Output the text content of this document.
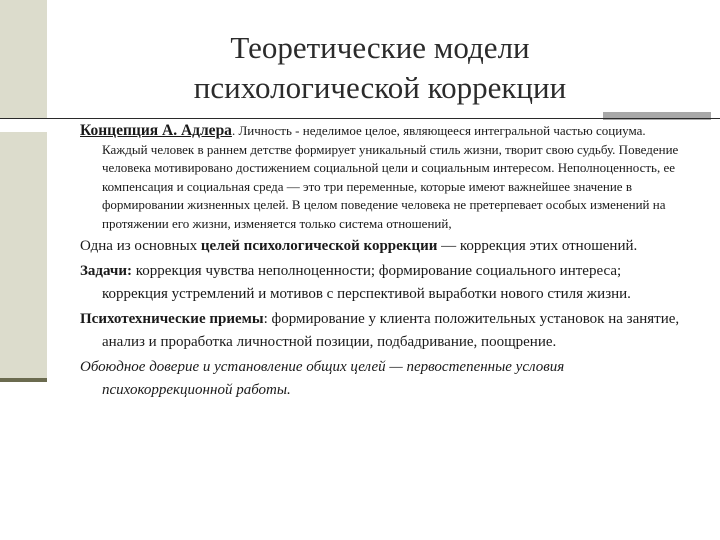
Теоретические модели
психологической коррекции

Концепция А. Адлера. Личность - неделимое целое, являющееся интегральной частью социума. Каждый человек в раннем детстве формирует уникальный стиль жизни, творит свою судьбу. Поведение человека мотивировано достижением социальной цели и социальным интересом. Неполноценность, ее компенсация и социальная среда — это три переменные, которые имеют важнейшее значение в формировании жизненных целей. В целом поведение человека не претерпевает особых изменений на протяжении его жизни, изменяется только система отношений,

Одна из основных целей психологической коррекции — коррекция этих отношений.

Задачи: коррекция чувства неполноценности; формирование социального интереса; коррекция устремлений и мотивов с перспективой выработки нового стиля жизни.

Психотехнические приемы: формирование у клиента положительных установок на занятие, анализ и проработка личностной позиции, подбадривание, поощрение.

Обоюдное доверие и установление общих целей — первостепенные условия психокоррекционной работы.
